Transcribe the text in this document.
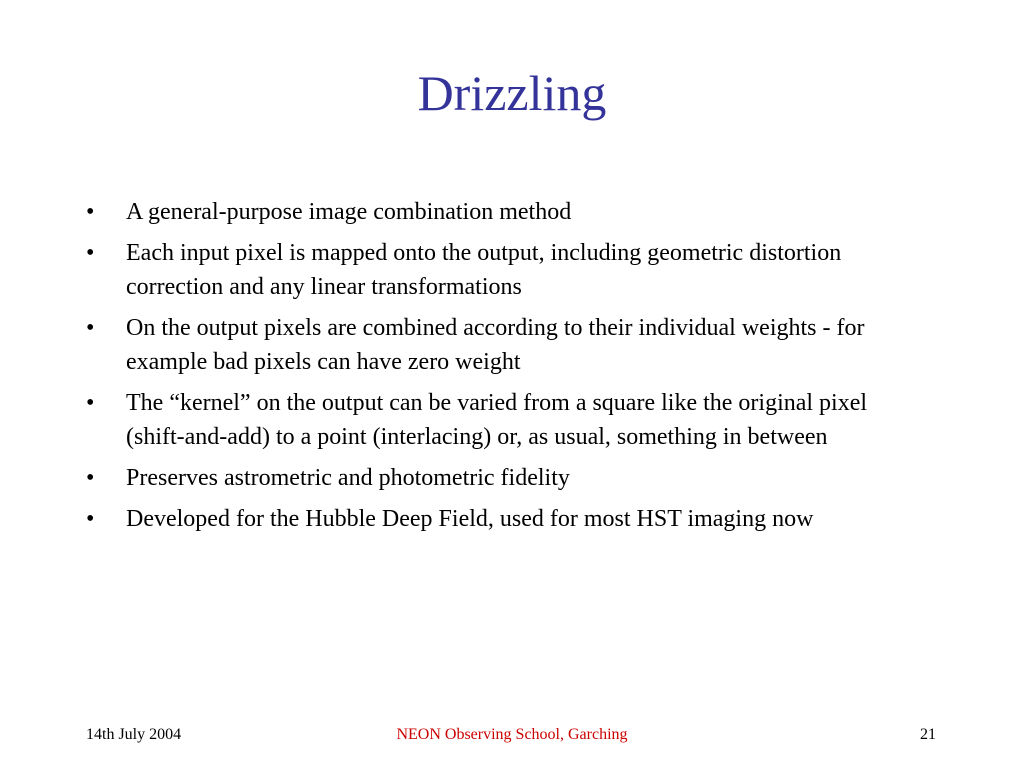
Drizzling
•	A general-purpose image combination method
•	Each input pixel is mapped onto the output, including geometric distortion correction and any linear transformations
•	On the output pixels are combined according to their individual weights - for example bad pixels can have zero weight
•	The “kernel” on the output can be varied from a square like the original pixel (shift-and-add) to a point (interlacing) or, as usual, something in between
•	Preserves astrometric and photometric fidelity
•	Developed for the Hubble Deep Field, used for most HST imaging now

14th July 2004	NEON Observing School, Garching	21
